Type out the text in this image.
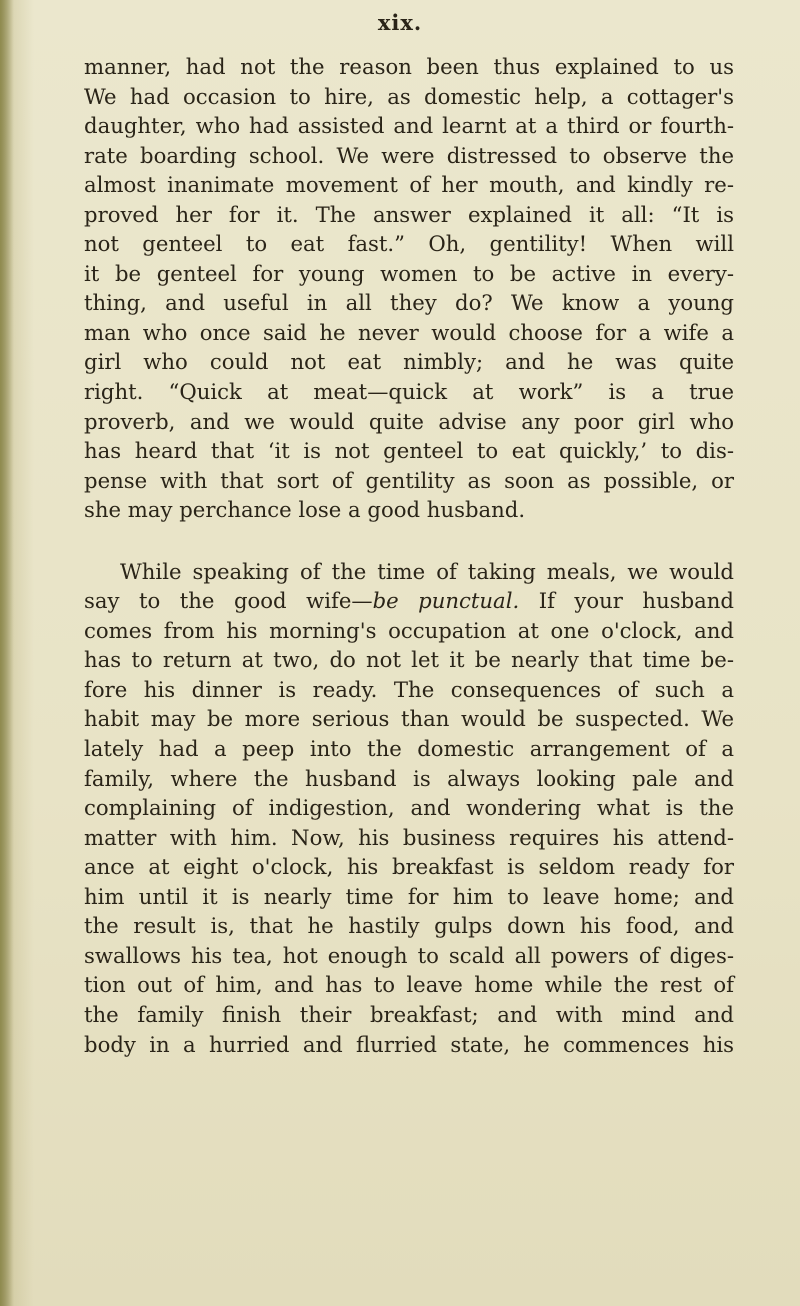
xix.
manner, had not the reason been thus explained to us
We had occasion to hire, as domestic help, a cottager's
daughter, who had assisted and learnt at a third or fourth-
rate boarding school. We were distressed to observe the
almost inanimate movement of her mouth, and kindly re-
proved her for it. The answer explained it all: “It is
not genteel to eat fast.” Oh, gentility! When will
it be genteel for young women to be active in every-
thing, and useful in all they do? We know a young
man who once said he never would choose for a wife a
girl who could not eat nimbly; and he was quite
right. “Quick at meat—quick at work” is a true
proverb, and we would quite advise any poor girl who
has heard that ‘it is not genteel to eat quickly,’ to dis-
pense with that sort of gentility as soon as possible, or
she may perchance lose a good husband.
While speaking of the time of taking meals, we would
say to the good wife—be punctual. If your husband
comes from his morning's occupation at one o'clock, and
has to return at two, do not let it be nearly that time be-
fore his dinner is ready. The consequences of such a
habit may be more serious than would be suspected. We
lately had a peep into the domestic arrangement of a
family, where the husband is always looking pale and
complaining of indigestion, and wondering what is the
matter with him. Now, his business requires his attend-
ance at eight o'clock, his breakfast is seldom ready for
him until it is nearly time for him to leave home; and
the result is, that he hastily gulps down his food, and
swallows his tea, hot enough to scald all powers of diges-
tion out of him, and has to leave home while the rest of
the family finish their breakfast; and with mind and
body in a hurried and flurried state, he commences his
